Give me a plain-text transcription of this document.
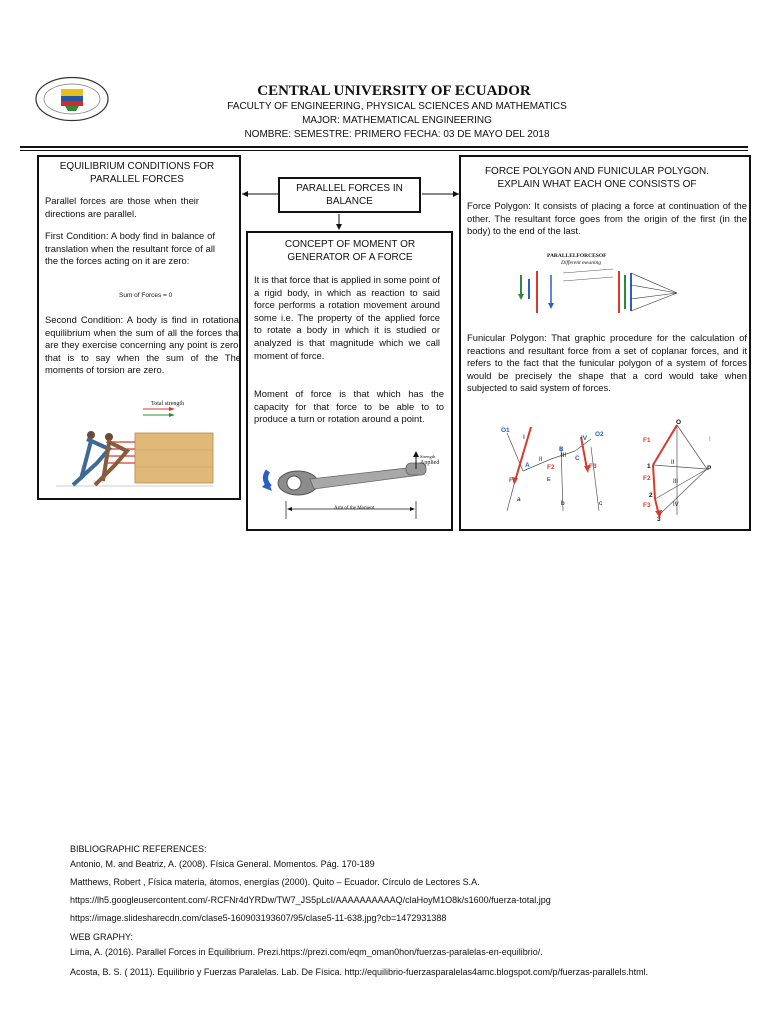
CENTRAL UNIVERSITY OF ECUADOR
FACULTY OF ENGINEERING, PHYSICAL SCIENCES AND MATHEMATICS
MAJOR: MATHEMATICAL ENGINEERING
NOMBRE: SEMESTRE: PRIMERO FECHA: 03 DE MAYO DEL 2018
EQUILIBRIUM CONDITIONS FOR PARALLEL FORCES
Parallel forces are those when their directions are parallel.
First Condition: A body find in balance of translation when the resultant force of all the the forces acting on it are zero:
Sum of Forces = 0
Second Condition: A body is find in rotational equilibrium when the sum of all the forces that are they exercise concerning any point is zero, that is to say when the sum of the The moments of torsion are zero.
Total strength
PARALLEL FORCES IN BALANCE
CONCEPT OF MOMENT OR GENERATOR OF A FORCE
It is that force that is applied in some point of a rigid body, in which as reaction to said force performs a rotation movement around some i.e. The property of the applied force to rotate a body in which it is studied or analyzed is that magnitude which we call moment of force.
Moment of force is that which has the capacity for that force to be able to to produce a turn or rotation around a point.
Strength
Applied
Arm of the Moment
FORCE POLYGON AND FUNICULAR POLYGON. EXPLAIN WHAT EACH ONE CONSISTS OF
Force Polygon: It consists of placing a force at continuation of the other. The resultant force goes from the origin of the first (in the body) to the end of the last.
PARALLELFORCESOF
Different meaning
Funicular Polygon: That graphic procedure for the calculation of reactions and resultant force from a set of coplanar forces, and it refers to the fact that the funicular polygon of a system of forces would be precisely the shape that a cord would take when subjected to said system of forces.
O1
I
A
F1
a
II
III
IV
O2
C
F2	F3
E
b	c
B
O
F1	I
II
1	P
F2	III
2
F3	IV
3

BIBLIOGRAPHIC REFERENCES:

Antonio, M. and Beatriz, A. (2008). Física General. Momentos. Pág. 170-189

Matthews, Robert , Física materia, átomos, energías (2000). Quito – Ecuador. Círculo de Lectores S.A.

https://lh5.googleusercontent.com/-RCFNr4dYRDw/TW7_JS5pLcI/AAAAAAAAAAQ/claHoyM1O8k/s1600/fuerza-total.jpg

https://image.slidesharecdn.com/clase5-160903193607/95/clase5-11-638.jpg?cb=1472931388

WEB GRAPHY:

Lima, A. (2016). Parallel Forces in Equilibrium. Prezi.https://prezi.com/eqm_oman0hon/fuerzas-paralelas-en-equilibrio/.

Acosta, B. S. ( 2011). Equilibrio y Fuerzas Paralelas. Lab. De Física. http://equilibrio-fuerzasparalelas4amc.blogspot.com/p/fuerzas-parallels.html.
